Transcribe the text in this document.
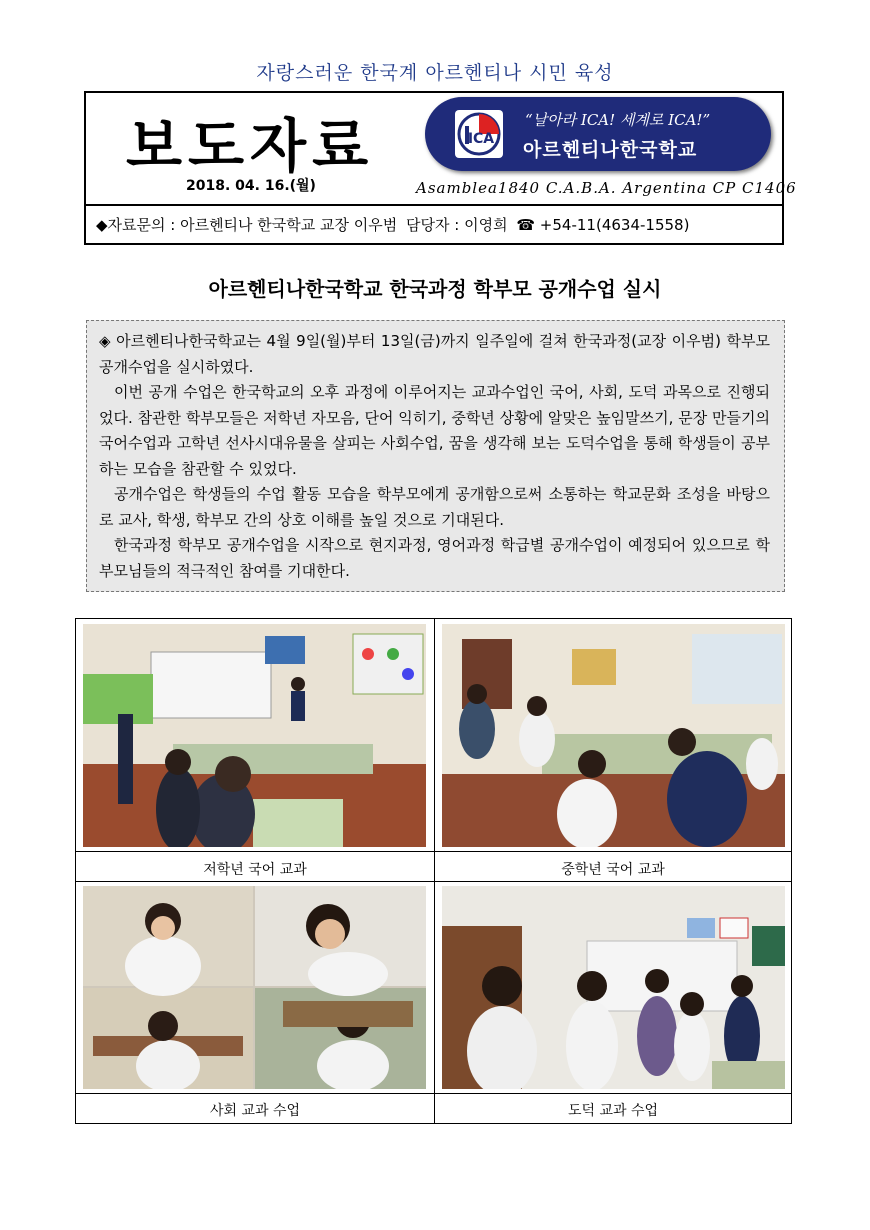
자랑스러운 한국계 아르헨티나 시민 육성
보도자료
2018. 04. 16.(월)
ICA
“날아라 ICA! 세계로 ICA!”
아르헨티나한국학교
Asamblea1840 C.A.B.A. Argentina CP C1406
◆자료문의 : 아르헨티나 한국학교 교장 이우범 담당자 : 이영희 ☎ +54-11(4634-1558)
아르헨티나한국학교 한국과정 학부모 공개수업 실시

◈ 아르헨티나한국학교는 4월 9일(월)부터 13일(금)까지 일주일에 걸쳐 한국과정(교장 이우범) 학부모 공개수업을 실시하였다.

이번 공개 수업은 한국학교의 오후 과정에 이루어지는 교과수업인 국어, 사회, 도덕 과목으로 진행되었다. 참관한 학부모들은 저학년 자모음, 단어 익히기, 중학년 상황에 알맞은 높임말쓰기, 문장 만들기의 국어수업과 고학년 선사시대유물을 살피는 사회수업, 꿈을 생각해 보는 도덕수업을 통해 학생들이 공부하는 모습을 참관할 수 있었다.

공개수업은 학생들의 수업 활동 모습을 학부모에게 공개함으로써 소통하는 학교문화 조성을 바탕으로 교사, 학생, 학부모 간의 상호 이해를 높일 것으로 기대된다.

한국과정 학부모 공개수업을 시작으로 현지과정, 영어과정 학급별 공개수업이 예정되어 있으므로 학부모님들의 적극적인 참여를 기대한다.

저학년 국어 교과	중학년 국어 교과
사회 교과 수업	도덕 교과 수업
